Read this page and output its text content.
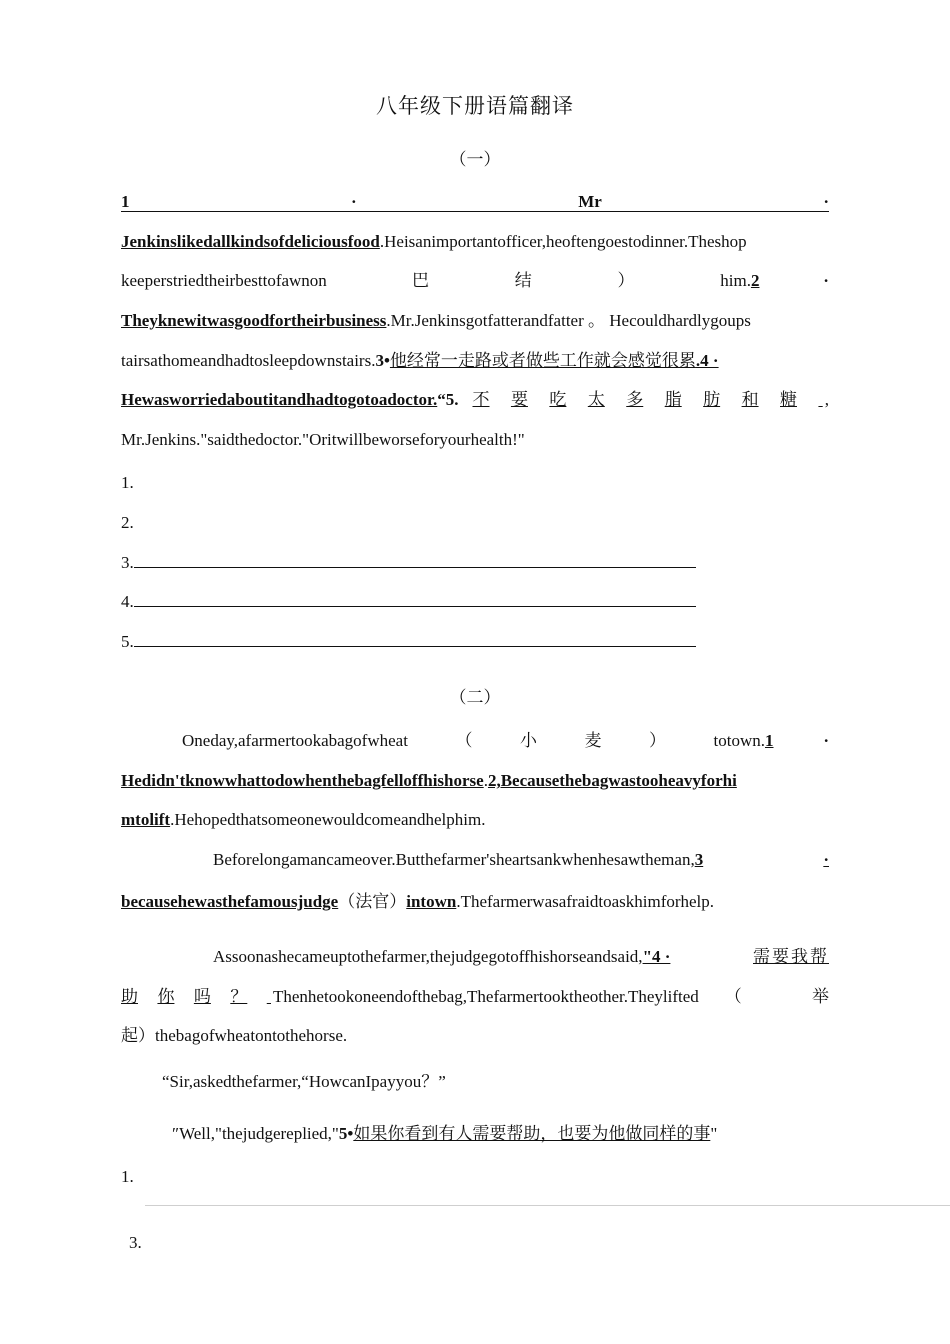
八年级下册语篇翻译
（一）
1	·	Mr	·
Jenkinslikedallkindsofdeliciousfood.Heisanimportantofficer,heoftengoestodinner.Theshop
keeperstriedtheirbesttofawnon	巴	结	）	him.2	·
Theyknewitwasgoodfortheirbusiness.Mr.Jenkinsgotfatterandfatter 。 Hecouldhardlygoups
tairsathomeandhadtosleepdownstairs.3•他经常一走路或者做些工作就会感觉很累.4 ·
Hewasworriedaboutitandhadtogotoadoctor. “5. 不 要 吃 太 多 脂 肪 和 糖
,
Mr.Jenkins."saidthedoctor."Oritwillbeworseforyourhealth!"
1.
2.
3.
4.
5.
（二）
Oneday,afarmertookabagofwheat	（	小	麦	）	totown.1	·
Hedidn'tknowwhattodowhenthebagfelloffhishorse.2,Becausethebagwastooheavyforhi
mtolift.Hehopedthatsomeonewouldcomeandhelphim.
Beforelongamancameover.Butthefarmer'sheartsankwhenhesawtheman, 3	·
becausehewasthefamousjudge（法官）intown.Thefarmerwasafraidtoaskhimforhelp.
Assoonashecameuptothefarmer,thejudgegotoffhishorseandsaid, "4 ·	需要我帮
助 你 吗 ？
Thenhetookoneendofthebag,Thefarmertooktheother.Theylifted （	举
起）thebagofwheatontothehorse.
“Sir,askedthefarmer,“HowcanIpayyou？”
″Well,"thejudgereplied,"5•如果你看到有人需要帮助，也要为他做同样的事"
1.
3.
